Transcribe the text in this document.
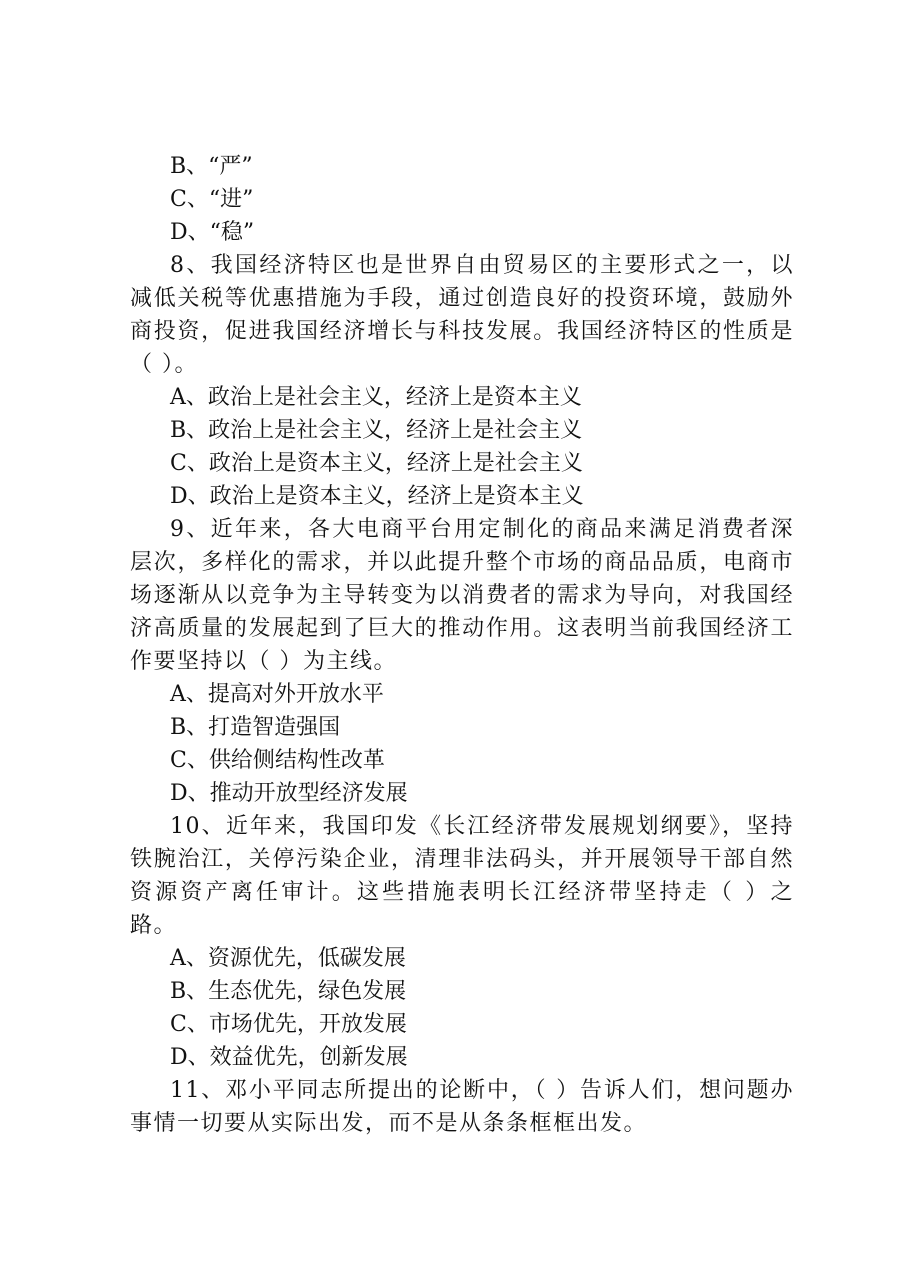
B、“严”

C、“进”

D、“稳”

8、我国经济特区也是世界自由贸易区的主要形式之一，以减低关税等优惠措施为手段，通过创造良好的投资环境，鼓励外商投资，促进我国经济增长与科技发展。我国经济特区的性质是（ ）。

A、政治上是社会主义，经济上是资本主义

B、政治上是社会主义，经济上是社会主义

C、政治上是资本主义，经济上是社会主义

D、政治上是资本主义，经济上是资本主义

9、近年来，各大电商平台用定制化的商品来满足消费者深层次，多样化的需求，并以此提升整个市场的商品品质，电商市场逐渐从以竞争为主导转变为以消费者的需求为导向，对我国经济高质量的发展起到了巨大的推动作用。这表明当前我国经济工作要坚持以（ ）为主线。

A、提高对外开放水平

B、打造智造强国

C、供给侧结构性改革

D、推动开放型经济发展

10、近年来，我国印发《长江经济带发展规划纲要》，坚持铁腕治江，关停污染企业，清理非法码头，并开展领导干部自然资源资产离任审计。这些措施表明长江经济带坚持走（ ）之路。

A、资源优先，低碳发展

B、生态优先，绿色发展

C、市场优先，开放发展

D、效益优先，创新发展

11、邓小平同志所提出的论断中，（ ）告诉人们，想问题办事情一切要从实际出发，而不是从条条框框出发。
